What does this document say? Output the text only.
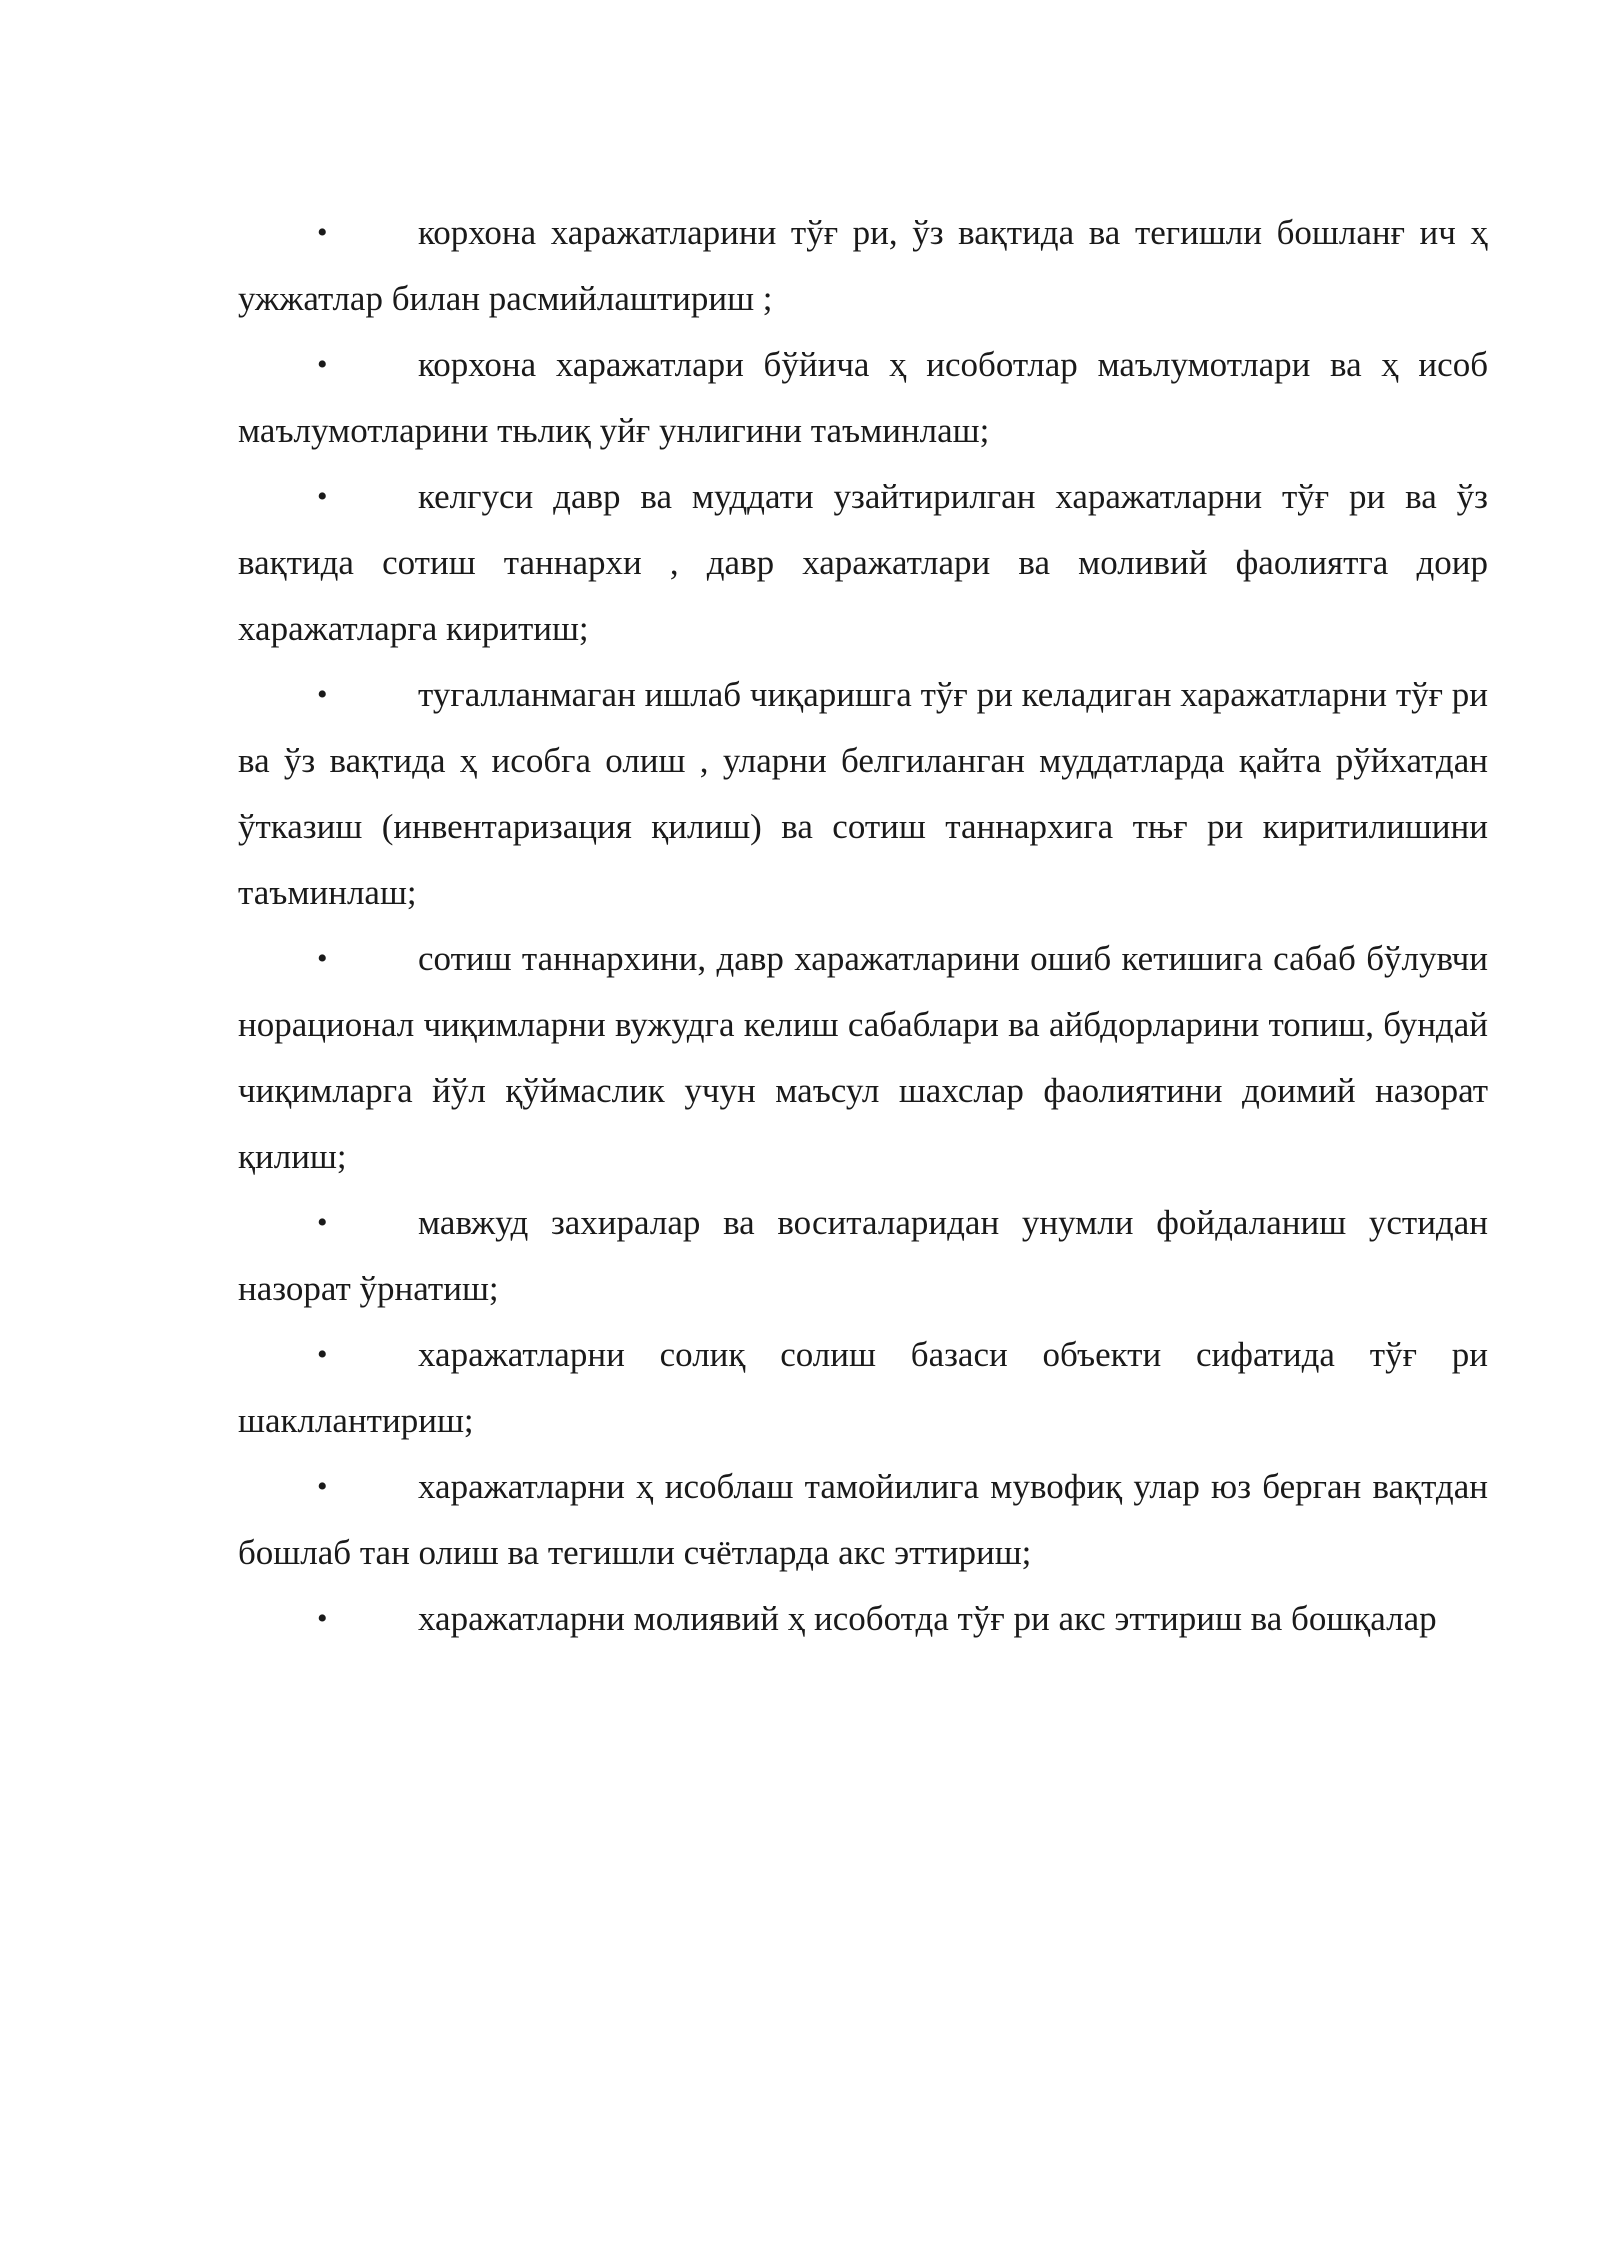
•	корхона харажатларини тўғ ри, ўз вақтида ва тегишли бошланғ ич ҳ ужжатлар билан расмийлаштириш ;

•	корхона харажатлари бўйича ҳ исоботлар маълумотлари ва ҳ исоб маълумотларини тњлиқ уйғ унлигини таъминлаш;

•	келгуси давр ва муддати узайтирилган харажатларни тўғ ри ва ўз вақтида сотиш таннархи , давр харажатлари ва моливий фаолиятга доир харажатларга киритиш;

•	тугалланмаган ишлаб чиқаришга тўғ ри келадиган харажатларни тўғ ри ва ўз вақтида ҳ исобга олиш , уларни белгиланган муддатларда қайта рўйхатдан ўтказиш (инвентаризация қилиш) ва сотиш таннархига тњғ ри киритилишини таъминлаш;

•	сотиш таннархини, давр харажатларини ошиб кетишига сабаб бўлувчи норационал чиқимларни вужудга келиш сабаблари ва айбдорларини топиш, бундай чиқимларга йўл қўймаслик учун маъсул шахслар фаолиятини доимий назорат қилиш;

•	мавжуд захиралар ва воситаларидан унумли фойдаланиш устидан назорат ўрнатиш;

•	харажатларни солиқ солиш базаси объекти сифатида тўғ ри шакллантириш;

•	харажатларни ҳ исоблаш тамойилига мувофиқ улар юз берган вақтдан бошлаб тан олиш ва тегишли счётларда акс эттириш;

•	харажатларни молиявий ҳ исоботда тўғ ри акс эттириш ва бошқалар
